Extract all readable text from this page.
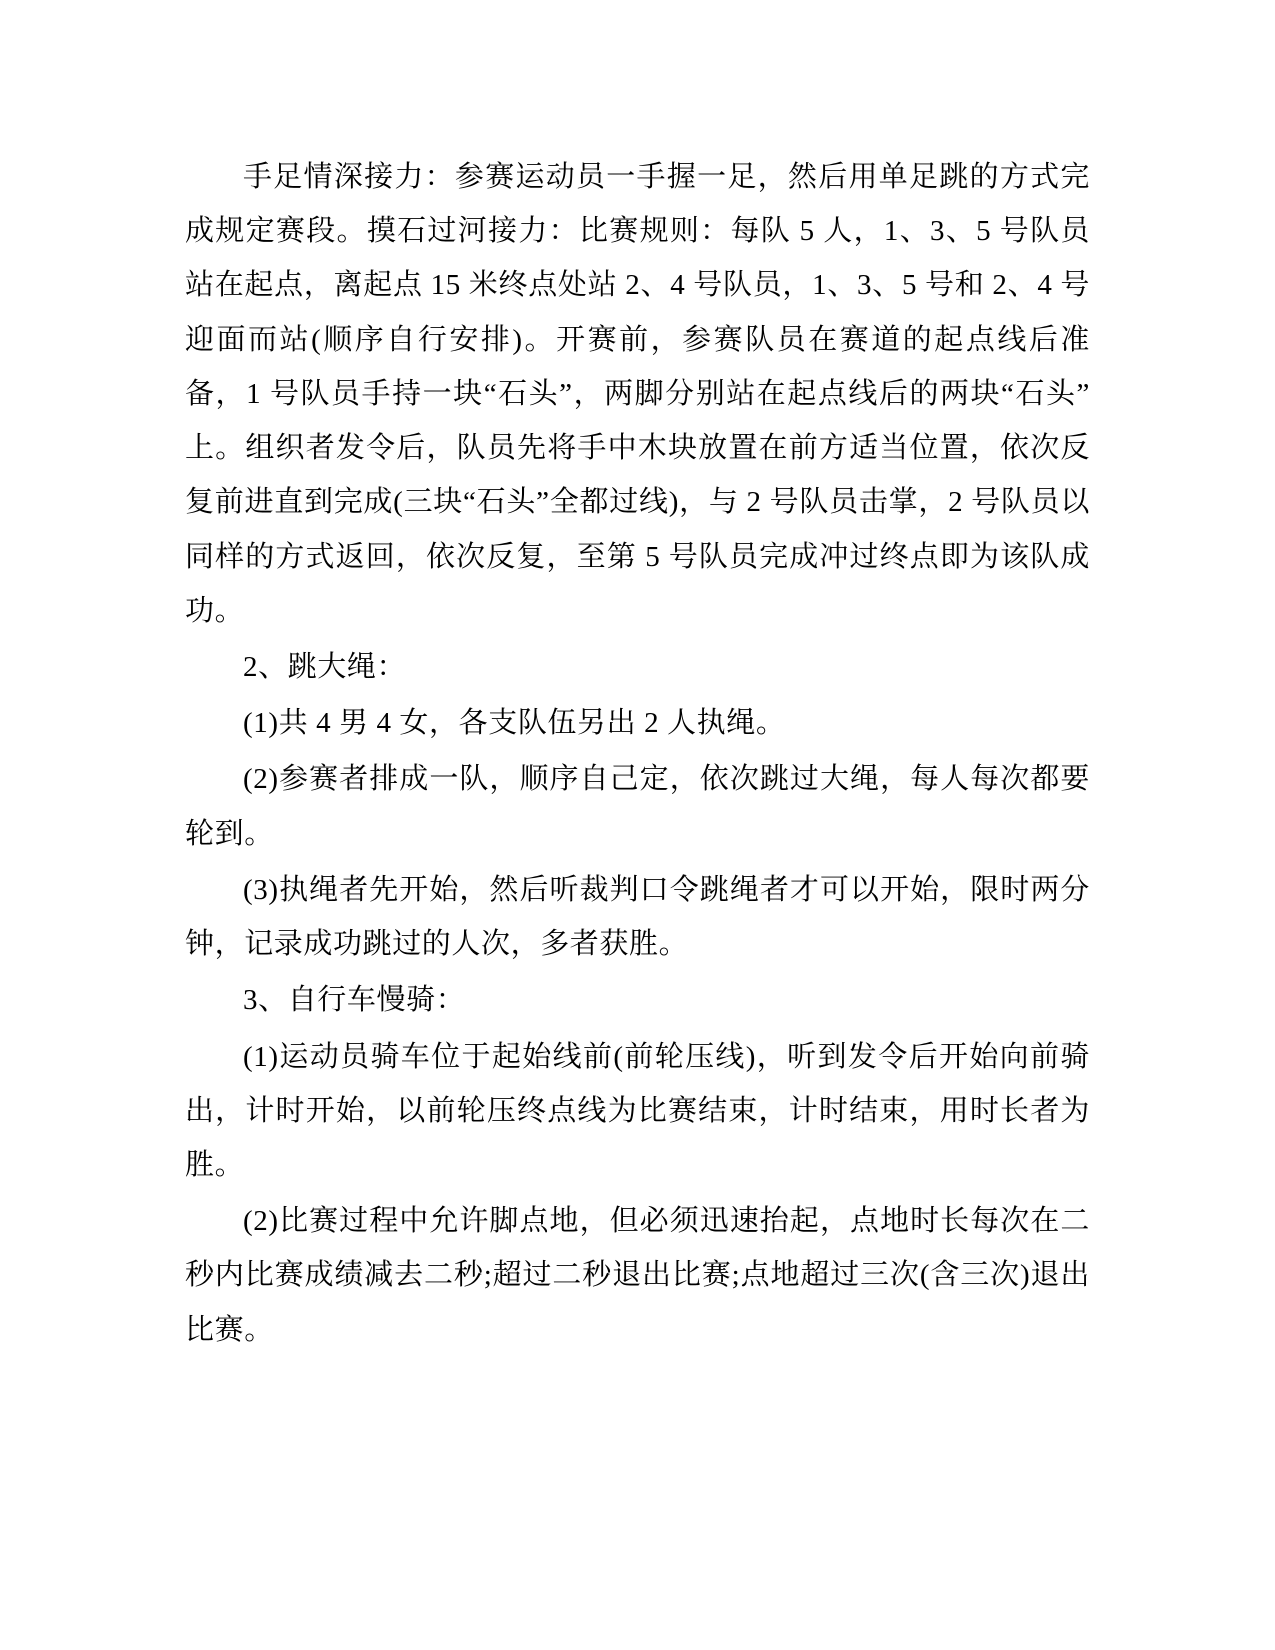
手足情深接力：参赛运动员一手握一足，然后用单足跳的方式完成规定赛段。摸石过河接力：比赛规则：每队 5 人，1、3、5 号队员站在起点，离起点 15 米终点处站 2、4 号队员，1、3、5 号和 2、4 号迎面而站(顺序自行安排)。开赛前，参赛队员在赛道的起点线后准备，1 号队员手持一块“石头”，两脚分别站在起点线后的两块“石头”上。组织者发令后，队员先将手中木块放置在前方适当位置，依次反复前进直到完成(三块“石头”全都过线)，与 2 号队员击掌，2 号队员以同样的方式返回，依次反复，至第 5 号队员完成冲过终点即为该队成功。

2、跳大绳：

(1)共 4 男 4 女，各支队伍另出 2 人执绳。

(2)参赛者排成一队，顺序自己定，依次跳过大绳，每人每次都要轮到。

(3)执绳者先开始，然后听裁判口令跳绳者才可以开始，限时两分钟，记录成功跳过的人次，多者获胜。

3、自行车慢骑：

(1)运动员骑车位于起始线前(前轮压线)，听到发令后开始向前骑出，计时开始，以前轮压终点线为比赛结束，计时结束，用时长者为胜。

(2)比赛过程中允许脚点地，但必须迅速抬起，点地时长每次在二秒内比赛成绩减去二秒;超过二秒退出比赛;点地超过三次(含三次)退出比赛。
